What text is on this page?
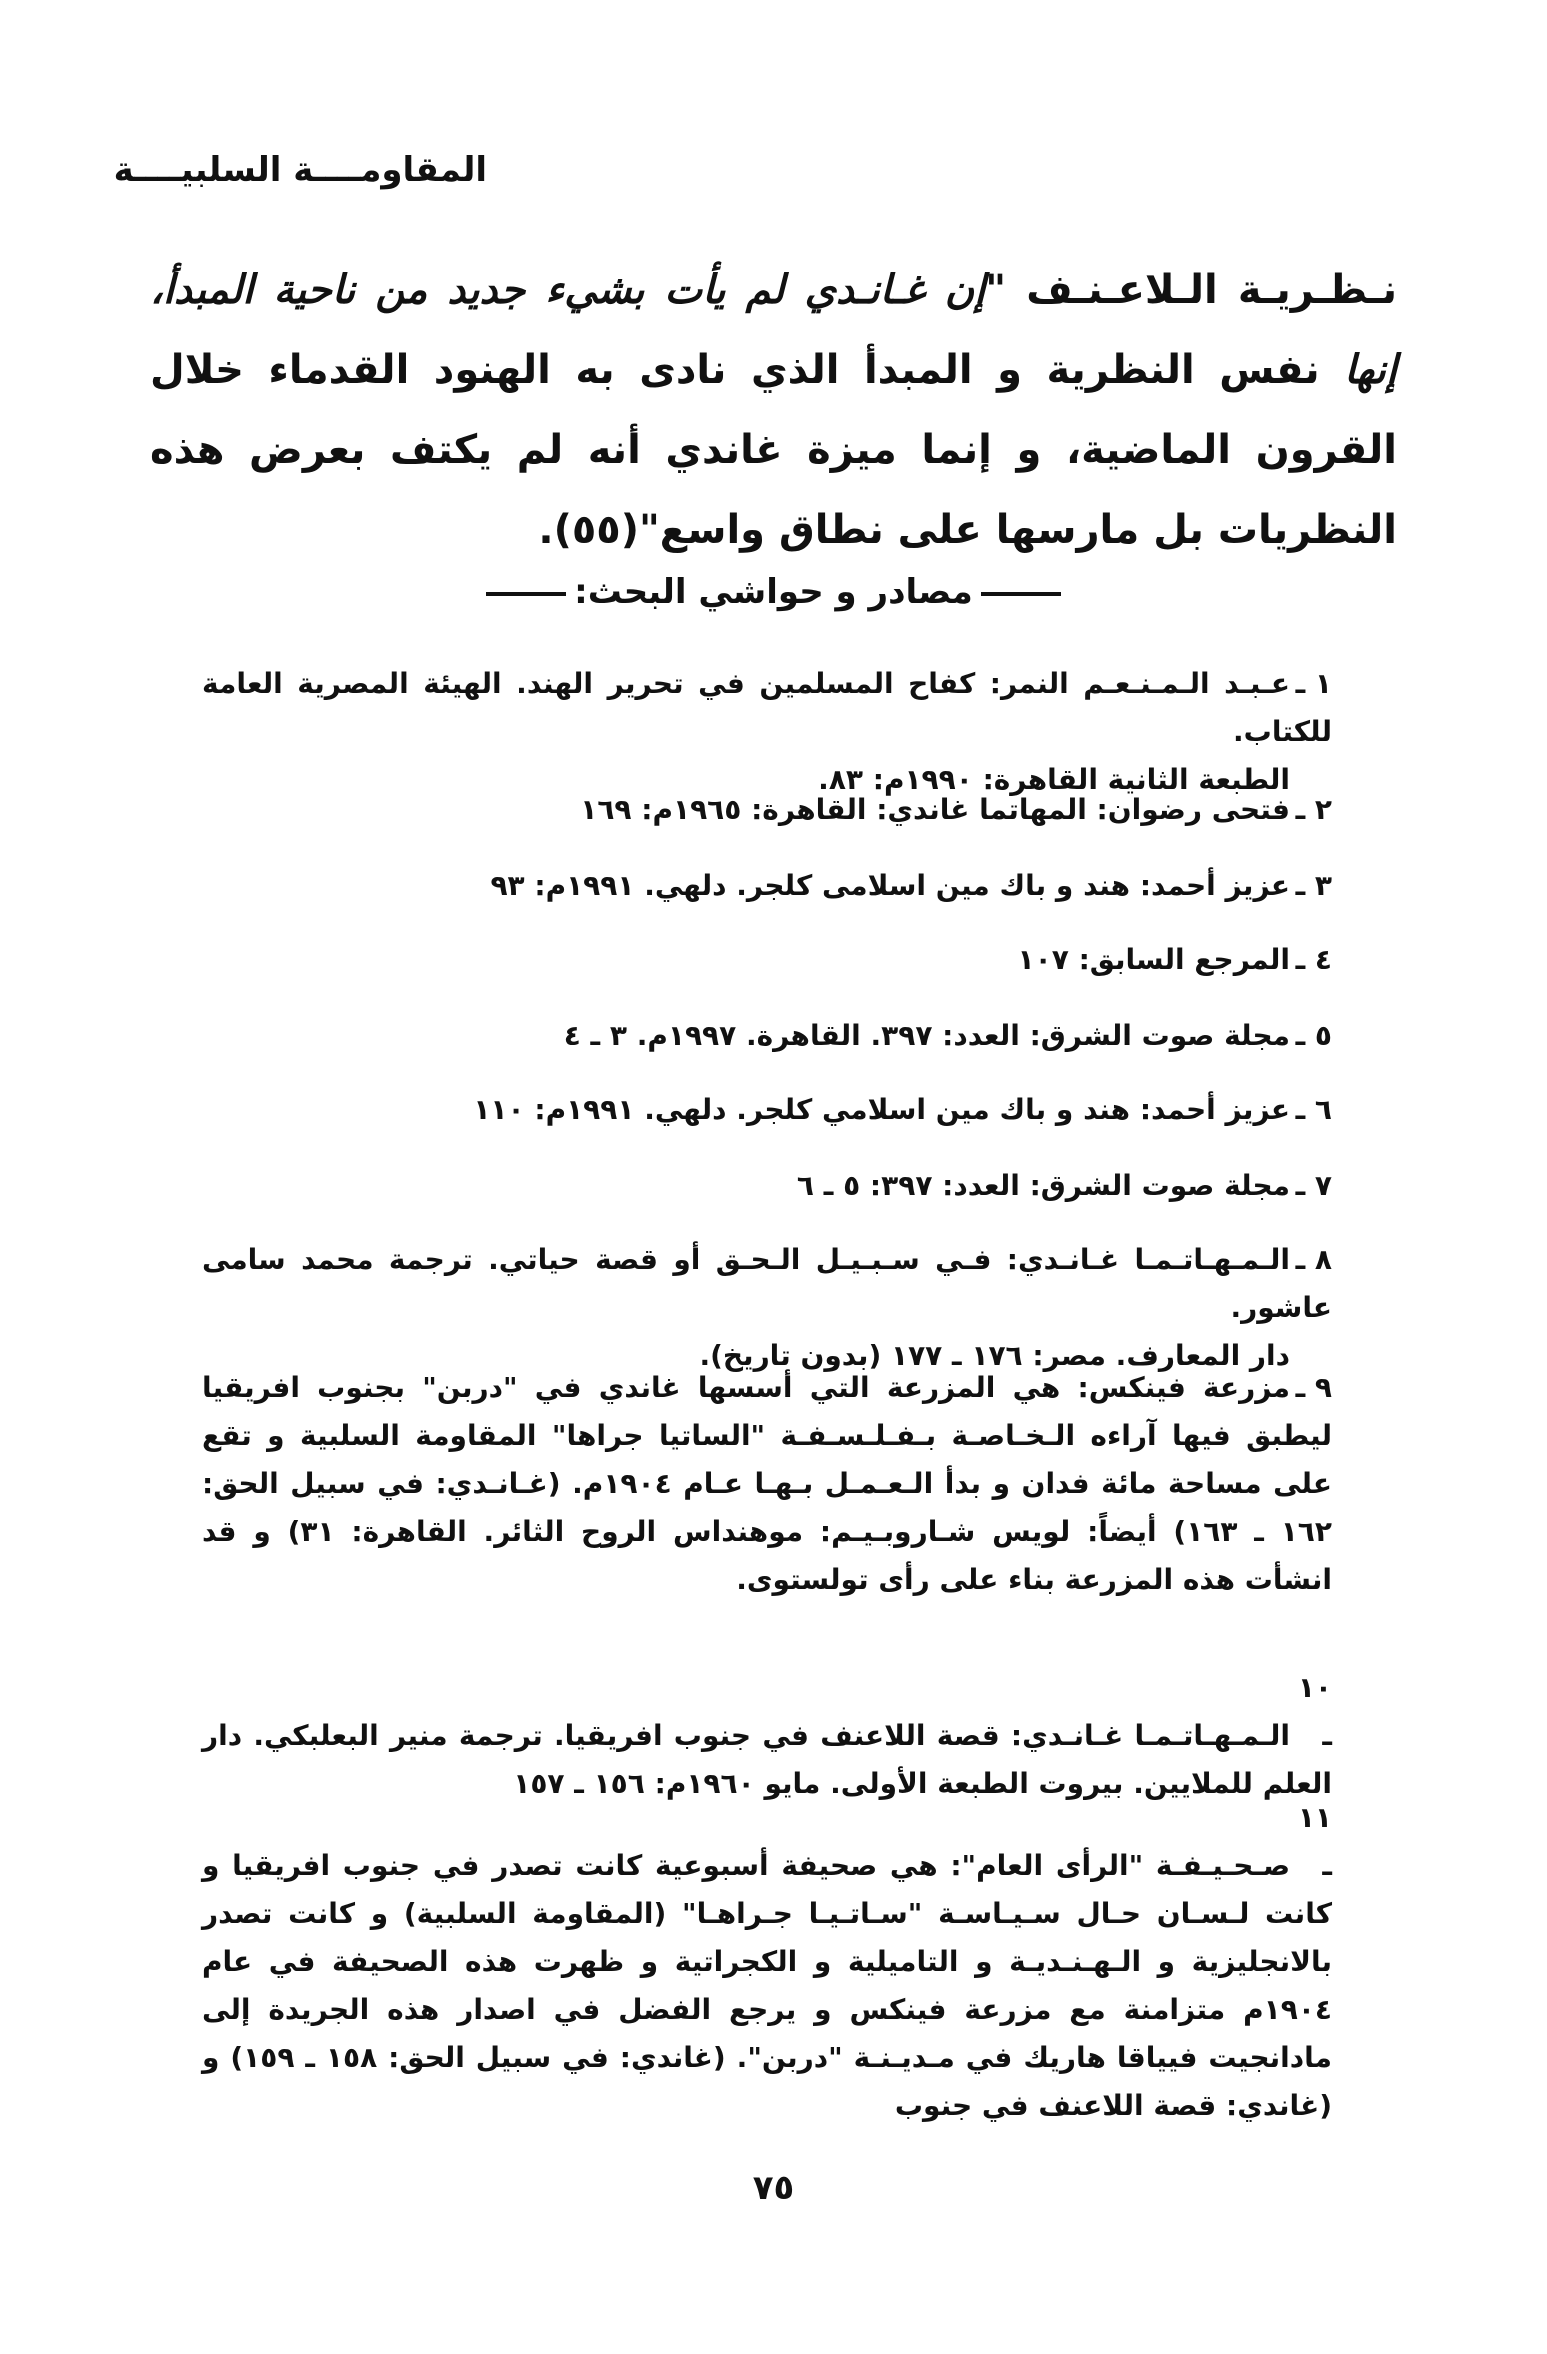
المقاومــــة السلبيــــة

نـظـريـة الـلاعـنـف "إن غـانـدي لم يأت بشيء جديد من ناحية المبدأ، إنها نفس النظرية و المبدأ الذي نادى به الهنود القدماء خلال القرون الماضية، و إنما ميزة غاندي أنه لم يكتف بعرض هذه النظريات بل مارسها على نطاق واسع"(٥٥).

مصادر و حواشي البحث:
١ ـعـبـد الـمـنـعـم النمر: كفاح المسلمين في تحرير الهند. الهيئة المصرية العامة للكتاب.
الطبعة الثانية القاهرة: ١٩٩٠م: ٨٣.
٢ ـفتحى رضوان: المهاتما غاندي: القاهرة: ١٩٦٥م: ١٦٩
٣ ـعزيز أحمد: هند و باك مين اسلامى كلجر. دلهي. ١٩٩١م: ٩٣
٤ ـالمرجع السابق: ١٠٧
٥ ـمجلة صوت الشرق: العدد: ٣٩٧. القاهرة. ١٩٩٧م. ٣ ـ ٤
٦ ـعزيز أحمد: هند و باك مين اسلامي كلجر. دلهي. ١٩٩١م: ١١٠
٧ ـمجلة صوت الشرق: العدد: ٣٩٧: ٥ ـ ٦
٨ ـالـمـهـاتـمـا غـانـدي: فـي سـبـيـل الـحـق أو قصة حياتي. ترجمة محمد سامى عاشور.
دار المعارف. مصر: ١٧٦ ـ ١٧٧ (بدون تاريخ).
٩ ـمزرعة فينكس: هي المزرعة التي أسسها غاندي في "دربن" بجنوب افريقيا ليطبق فيها آراءه الـخـاصـة بـفـلـسـفـة "الساتيا جراها" المقاومة السلبية و تقع على مساحة مائة فدان و بدأ الـعـمـل بـهـا عـام ١٩٠٤م. (غـانـدي: في سبيل الحق: ١٦٢ ـ ١٦٣) أيضاً: لويس شـاروبـيـم: موهنداس الروح الثائر. القاهرة: ٣١) و قد انشأت هذه المزرعة بناء على رأى تولستوى.
١٠ ـالـمـهـاتـمـا غـانـدي: قصة اللاعنف في جنوب افريقيا. ترجمة منير البعلبكي. دار العلم للملايين. بيروت الطبعة الأولى. مايو ١٩٦٠م: ١٥٦ ـ ١٥٧
١١ ـصـحـيـفـة "الرأى العام": هي صحيفة أسبوعية كانت تصدر في جنوب افريقيا و كانت لـسـان حـال سـيـاسـة "سـاتـيـا جـراهـا" (المقاومة السلبية) و كانت تصدر بالانجليزية و الـهـنـديـة و التاميلية و الكجراتية و ظهرت هذه الصحيفة في عام ١٩٠٤م متزامنة مع مزرعة فينكس و يرجع الفضل في اصدار هذه الجريدة إلى مادانجيت فيياقا هاريك في مـديـنـة "دربن". (غاندي: في سبيل الحق: ١٥٨ ـ ١٥٩) و (غاندي: قصة اللاعنف في جنوب
٧٥
